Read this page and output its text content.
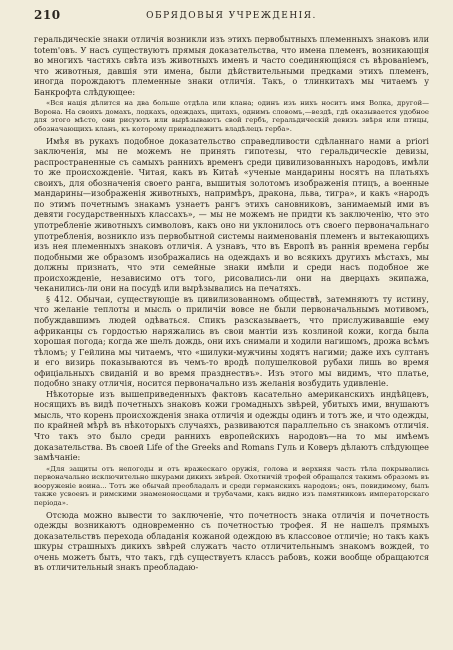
210	ОБРЯДОВЫЯ УЧРЕЖДЕНІЯ.

геральдическіе знаки отличія возникли изъ этихъ первобытныхъ племенныхъ знаковъ или totem'овъ. У насъ существуютъ прямыя доказательства, что имена племенъ, возникающія во многихъ частяхъ свѣта изъ животныхъ именъ и часто соединяющіяся съ вѣрованіемъ, что животныя, давшія эти имена, были дѣйствительными предками этихъ племенъ, иногда порождаютъ племенные знаки отличія. Такъ, о тлинкитахъ мы читаемъ у Банкрофта слѣдующее:

«Вся нація дѣлится на два больше отдѣла или клана; одинъ изъ нихъ носитъ имя Волка, другой—Ворона. На своихъ домахъ, лодкахъ, одеждахъ, щитахъ, однимъ словомъ,—вездѣ, гдѣ оказывается удобное для этого мѣсто, они рисуютъ или вырѣзываютъ свой гербъ, геральдическій девизъ звѣря или птицы, обозначающихъ кланъ, къ которому принадлежитъ владѣлецъ герба».

Имѣя въ рукахъ подобное доказательство справедливости сдѣланнаго нами a priori заключенія, мы не можемъ не принять гипотезы, что геральдическіе девизы, распространенные съ самыхъ раннихъ временъ среди цивилизованныхъ народовъ, имѣли то же происхожденіе. Читая, какъ въ Китаѣ «ученые мандарины носятъ на платьяхъ своихъ, для обозначенія своего ранга, вышитыя золотомъ изображенія птицъ, а военные мандарины—изображенія животныхъ, напримѣръ, дракона, льва, тигра», и какъ «народъ по этимъ почетнымъ знакамъ узнаетъ рангъ этихъ сановниковъ, занимаемый ими въ девяти государственныхъ классахъ», — мы не можемъ не придти къ заключенію, что это употребленіе животныхъ символовъ, какъ оно ни уклонилось отъ своего первоначальнаго употребленія, возникло изъ первобытной системы наименованія племенъ и вытекающихъ изъ нея племенныхъ знаковъ отличія. А узнавъ, что въ Европѣ въ раннія времена гербы подобными же образомъ изображались на одеждахъ и во всякихъ другихъ мѣстахъ, мы должны признать, что эти семейные знаки имѣли и среди насъ подобное же происхожденіе, независимо отъ того, рисовались-ли они на дверцахъ экипажа, чеканились-ли они на посудѣ или вырѣзывались на печатяхъ.

§ 412. Обычаи, существующіе въ цивилизованномъ обществѣ, затемняютъ ту истину, что желаніе теплоты и мысль о приличіи вовсе не были первоначальнымъ мотивомъ, побуждавшимъ людей одѣваться. Спикъ разсказываетъ, что прислуживавшіе ему африканцы съ гордостью наряжались въ свои мантіи изъ козлиной кожи, когда была хорошая погода; когда же шелъ дождь, они ихъ снимали и ходили нагишомъ, дрожа всѣмъ тѣломъ; у Гейлина мы читаемъ, что «шилуки-мужчины ходятъ нагими; даже ихъ султанъ и его визирь показываются въ чемъ-то вродѣ полушелковой рубахи лишь во время офиціальныхъ свиданій и во время празднествъ». Изъ этого мы видимъ, что платье, подобно знаку отличія, носится первоначально изъ желанія возбудить удивленіе.

Нѣкоторые изъ вышеприведенныхъ фактовъ касательно американскихъ индѣйцевъ, носящихъ въ видѣ почетныхъ знаковъ кожи громадныхъ звѣрей, убитыхъ ими, внушаютъ мысль, что корень происхожденія знака отличія и одежды одинъ и тотъ же, и что одежды, по крайней мѣрѣ въ нѣкоторыхъ случаяхъ, развиваются параллельно съ знакомъ отличія. Что такъ это было среди раннихъ европейскихъ народовъ—на то мы имѣемъ доказательства. Въ своей Life of the Greeks and Romans Гуль и Коверъ дѣлаютъ слѣдующее замѣчаніе:

«Для защиты отъ непогоды и отъ вражескаго оружія, голова и верхняя часть тѣла покрывались первоначально исключительно шкурами дикихъ звѣрей. Охотничій трофей обращался такимъ образомъ въ вооруженіе воина... Тотъ же обычай преобладалъ и среди германскихъ народовъ; онъ, повидимому, былъ также усвоенъ и римскими знаменоносцами и трубачами, какъ видно изъ памятниковъ императорскаго періода».

Отсюда можно вывести то заключеніе, что почетность знака отличія и почетность одежды возникаютъ одновременно съ почетностью трофея. Я не нашелъ прямыхъ доказательствъ перехода обладанія кожаной одеждою въ классовое отличіе; но такъ какъ шкуры страшныхъ дикихъ звѣрей служатъ часто отличительнымъ знакомъ вождей, то очень можетъ быть, что такъ, гдѣ существуетъ классъ рабовъ, кожи вообще обращаются въ отличительный знакъ преобладаю-
